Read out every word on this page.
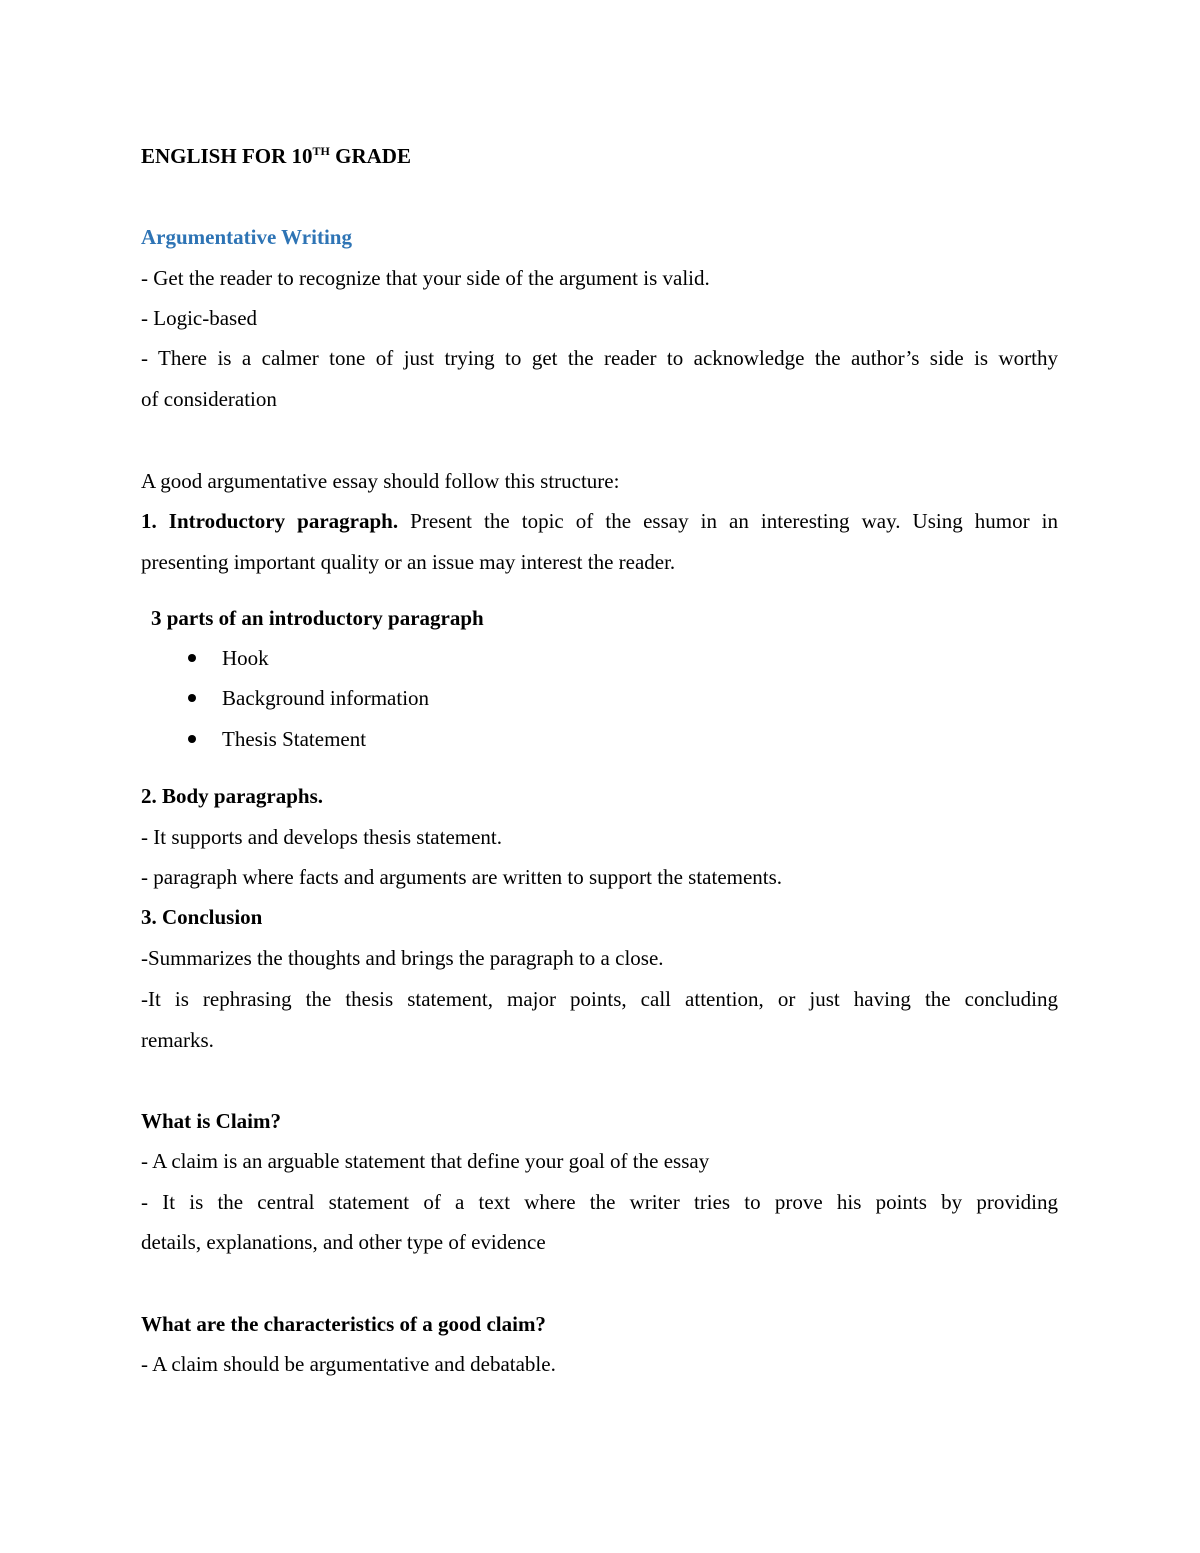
ENGLISH FOR 10TH GRADE
Argumentative Writing
- Get the reader to recognize that your side of the argument is valid.
- Logic-based
- There is a calmer tone of just trying to get the reader to acknowledge the author’s side is worthy
of consideration
A good argumentative essay should follow this structure:
1. Introductory paragraph. Present the topic of the essay in an interesting way. Using humor in
presenting important quality or an issue may interest the reader.
3 parts of an introductory paragraph
Hook
Background information
Thesis Statement
2. Body paragraphs.
- It supports and develops thesis statement.
- paragraph where facts and arguments are written to support the statements.
3. Conclusion
-Summarizes the thoughts and brings the paragraph to a close.
-It is rephrasing the thesis statement, major points, call attention, or just having the concluding
remarks.
What is Claim?
- A claim is an arguable statement that define your goal of the essay
- It is the central statement of a text where the writer tries to prove his points by providing
details, explanations, and other type of evidence
What are the characteristics of a good claim?
- A claim should be argumentative and debatable.
